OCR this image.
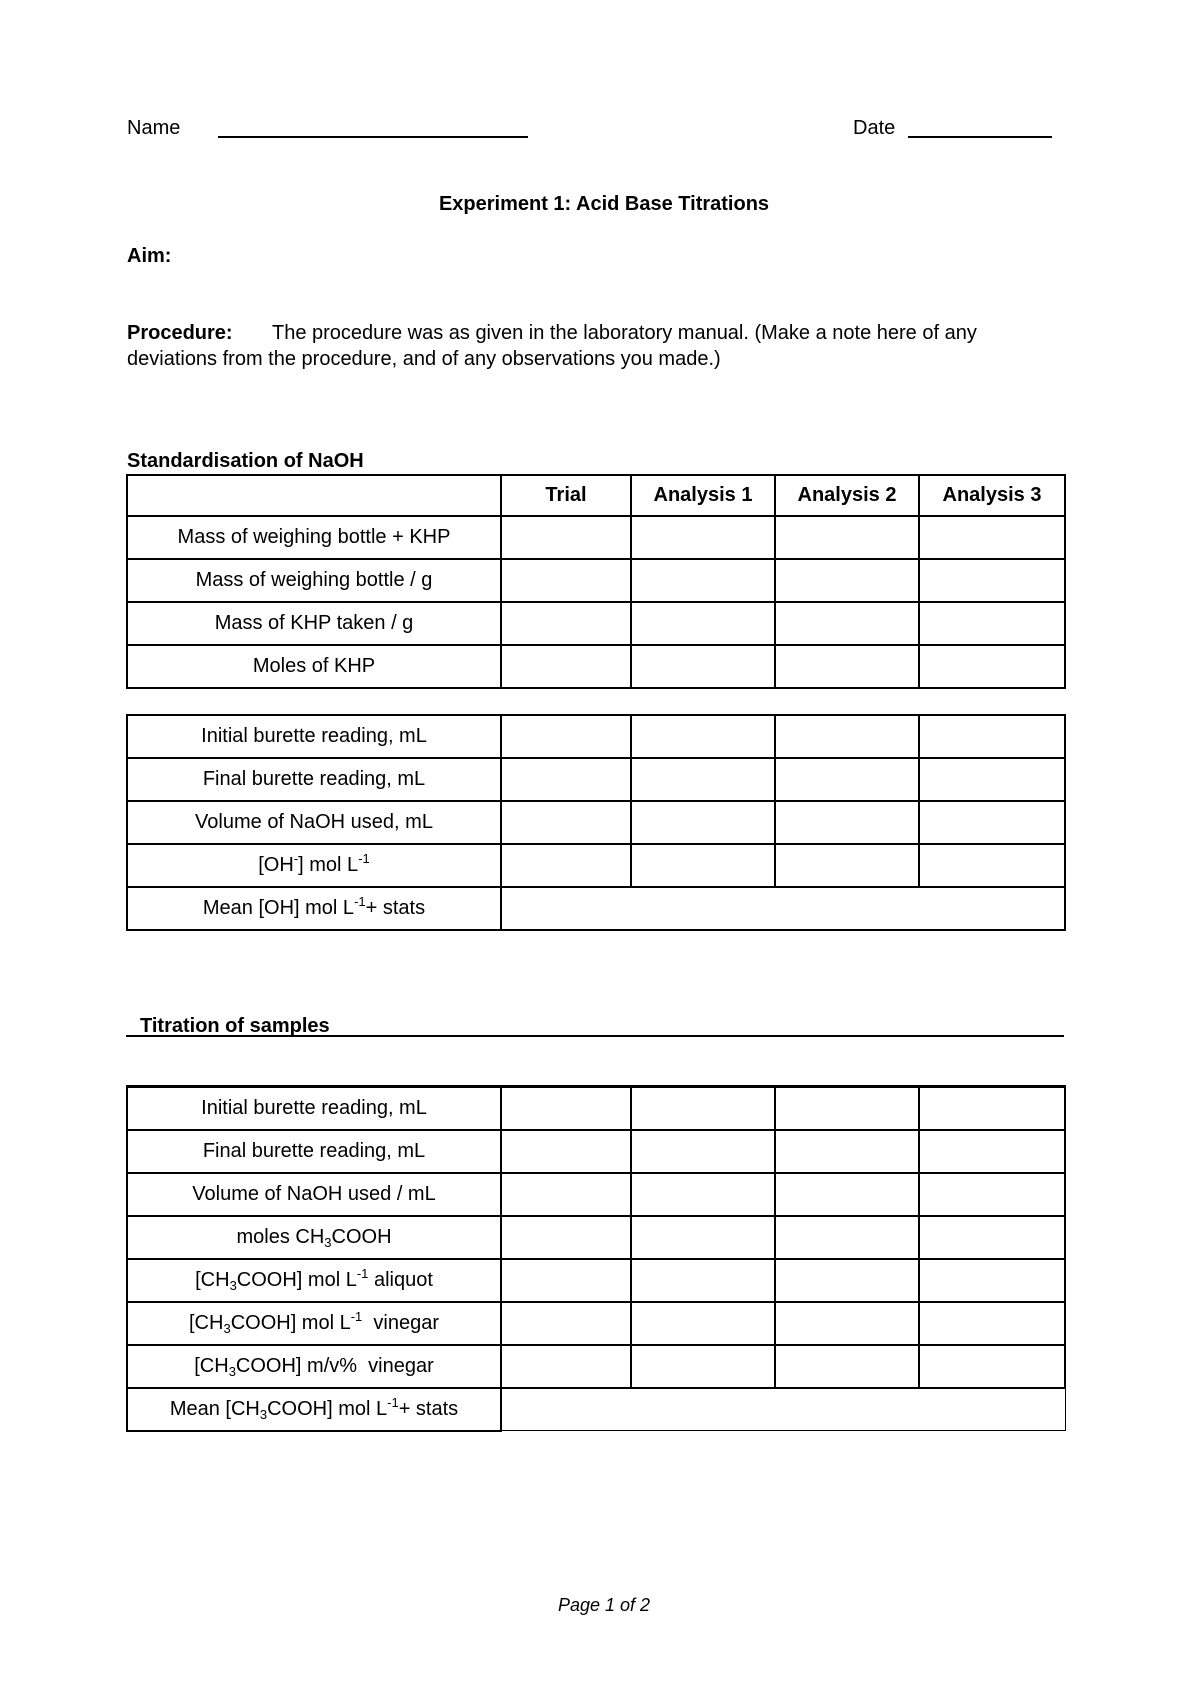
Name	Date
Experiment 1: Acid Base Titrations
Aim:
Procedure: The procedure was as given in the laboratory manual. (Make a note here of any
deviations from the procedure, and of any observations you made.)
Standardisation of NaOH
	Trial	Analysis 1	Analysis 2	Analysis 3
Mass of weighing bottle + KHP				
Mass of weighing bottle / g				
Mass of KHP taken / g				
Moles of KHP				
Initial burette reading, mL				
Final burette reading, mL				
Volume of NaOH used, mL				
[OH-] mol $L^{-1}$				
Mean [OH] mol $L^{-1}+$ stats				
Titration of samples
Initial burette reading, mL				
Final burette reading, mL				
Volume of NaOH used / mL				
moles $CH_3COOH$				
$[CH_3COOH]$ mol $L^{-1}$ aliquot				
$[CH_3COOH]$ mol $L^{-1}$  vinegar				
$[CH_3COOH]$ m/v%  vinegar				
Mean $[CH_3COOH]$ mol $L^{-1}+$ stats				
Page 1 of 2
